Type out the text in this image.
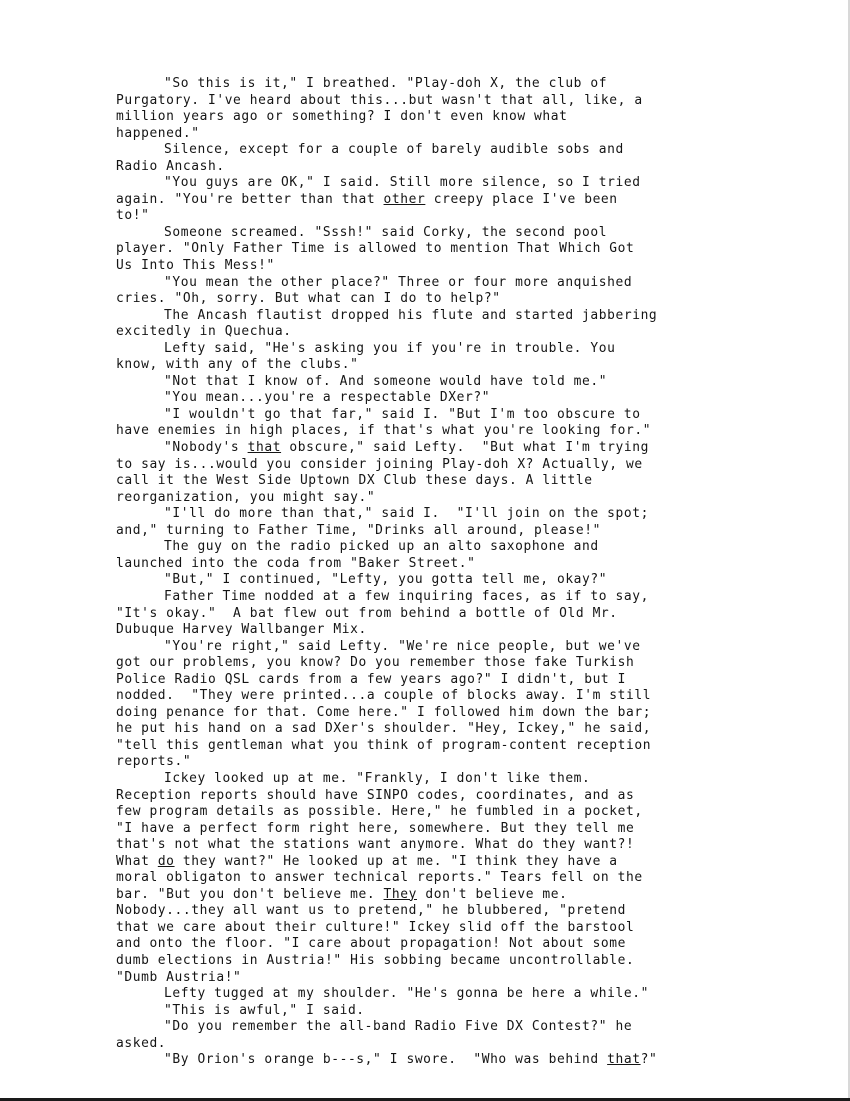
"So this is it," I breathed. "Play-doh X, the club of
Purgatory. I've heard about this...but wasn't that all, like, a
million years ago or something? I don't even know what
happened."
Silence, except for a couple of barely audible sobs and
Radio Ancash.
"You guys are OK," I said. Still more silence, so I tried
again. "You're better than that other creepy place I've been
to!"
Someone screamed. "Sssh!" said Corky, the second pool
player. "Only Father Time is allowed to mention That Which Got
Us Into This Mess!"
"You mean the other place?" Three or four more anquished
cries. "Oh, sorry. But what can I do to help?"
The Ancash flautist dropped his flute and started jabbering
excitedly in Quechua.
Lefty said, "He's asking you if you're in trouble. You
know, with any of the clubs."
"Not that I know of. And someone would have told me."
"You mean...you're a respectable DXer?"
"I wouldn't go that far," said I. "But I'm too obscure to
have enemies in high places, if that's what you're looking for."
"Nobody's that obscure," said Lefty.  "But what I'm trying
to say is...would you consider joining Play-doh X? Actually, we
call it the West Side Uptown DX Club these days. A little
reorganization, you might say."
"I'll do more than that," said I.  "I'll join on the spot;
and," turning to Father Time, "Drinks all around, please!"
The guy on the radio picked up an alto saxophone and
launched into the coda from "Baker Street."
"But," I continued, "Lefty, you gotta tell me, okay?"
Father Time nodded at a few inquiring faces, as if to say,
"It's okay."  A bat flew out from behind a bottle of Old Mr.
Dubuque Harvey Wallbanger Mix.
"You're right," said Lefty. "We're nice people, but we've
got our problems, you know? Do you remember those fake Turkish
Police Radio QSL cards from a few years ago?" I didn't, but I
nodded.  "They were printed...a couple of blocks away. I'm still
doing penance for that. Come here." I followed him down the bar;
he put his hand on a sad DXer's shoulder. "Hey, Ickey," he said,
"tell this gentleman what you think of program-content reception
reports."
Ickey looked up at me. "Frankly, I don't like them.
Reception reports should have SINPO codes, coordinates, and as
few program details as possible. Here," he fumbled in a pocket,
"I have a perfect form right here, somewhere. But they tell me
that's not what the stations want anymore. What do they want?!
What do they want?" He looked up at me. "I think they have a
moral obligaton to answer technical reports." Tears fell on the
bar. "But you don't believe me. They don't believe me.
Nobody...they all want us to pretend," he blubbered, "pretend
that we care about their culture!" Ickey slid off the barstool
and onto the floor. "I care about propagation! Not about some
dumb elections in Austria!" His sobbing became uncontrollable.
"Dumb Austria!"
Lefty tugged at my shoulder. "He's gonna be here a while."
"This is awful," I said.
"Do you remember the all-band Radio Five DX Contest?" he
asked.
"By Orion's orange b---s," I swore.  "Who was behind that?"
